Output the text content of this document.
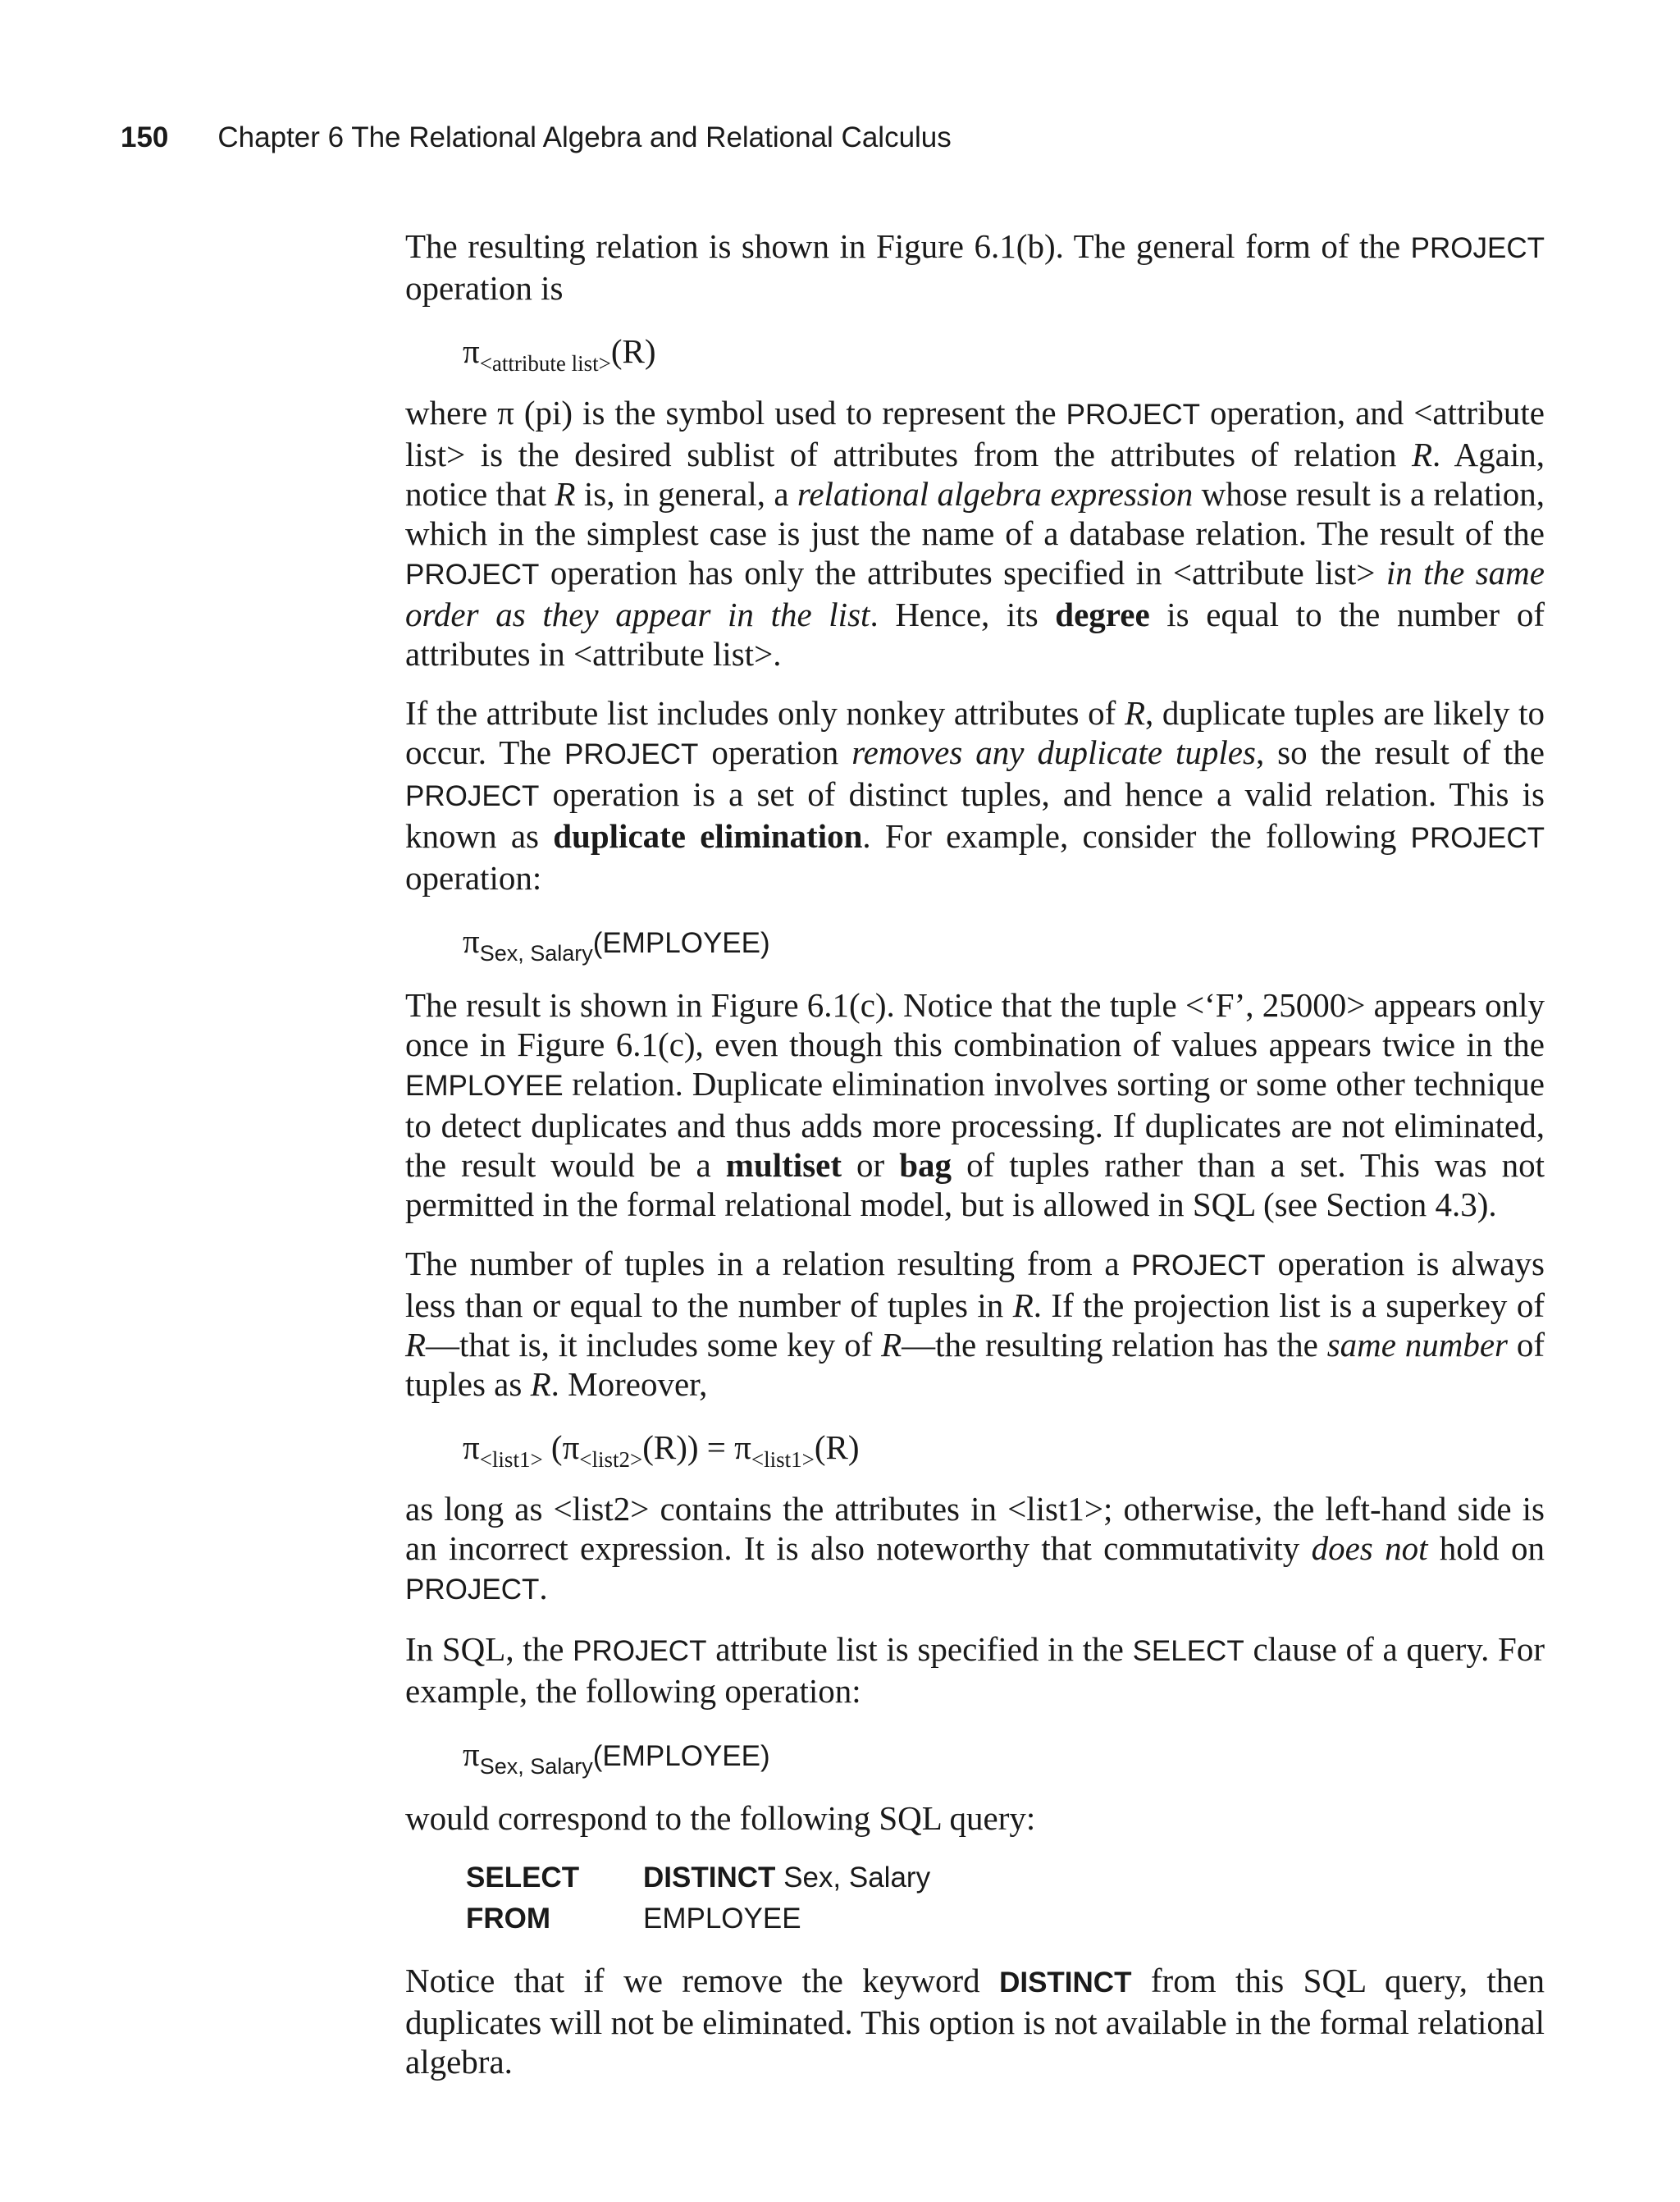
150 Chapter 6 The Relational Algebra and Relational Calculus

The resulting relation is shown in Figure 6.1(b). The general form of the PROJECT operation is

$\pi_{<attribute list>}(R)$

where π (pi) is the symbol used to represent the PROJECT operation, and <attribute list> is the desired sublist of attributes from the attributes of relation R. Again, notice that R is, in general, a relational algebra expression whose result is a relation, which in the simplest case is just the name of a database relation. The result of the PROJECT operation has only the attributes specified in <attribute list> in the same order as they appear in the list. Hence, its degree is equal to the number of attributes in <attribute list>.

If the attribute list includes only nonkey attributes of R, duplicate tuples are likely to occur. The PROJECT operation removes any duplicate tuples, so the result of the PROJECT operation is a set of distinct tuples, and hence a valid relation. This is known as duplicate elimination. For example, consider the following PROJECT operation:

$\pi_{Sex, Salary}(EMPLOYEE)$

The result is shown in Figure 6.1(c). Notice that the tuple <‘F’, 25000> appears only once in Figure 6.1(c), even though this combination of values appears twice in the EMPLOYEE relation. Duplicate elimination involves sorting or some other technique to detect duplicates and thus adds more processing. If duplicates are not eliminated, the result would be a multiset or bag of tuples rather than a set. This was not permitted in the formal relational model, but is allowed in SQL (see Section 4.3).

The number of tuples in a relation resulting from a PROJECT operation is always less than or equal to the number of tuples in R. If the projection list is a superkey of R—that is, it includes some key of R—the resulting relation has the same number of tuples as R. Moreover,

$\pi_{<list1>}$ $(\pi_{<list2>}(R)) = \pi_{<list1>}(R)$

as long as <list2> contains the attributes in <list1>; otherwise, the left-hand side is an incorrect expression. It is also noteworthy that commutativity does not hold on PROJECT.

In SQL, the PROJECT attribute list is specified in the SELECT clause of a query. For example, the following operation:

$\pi_{Sex, Salary}(EMPLOYEE)$

would correspond to the following SQL query:

SELECT	DISTINCT Sex, Salary
FROM	EMPLOYEE

Notice that if we remove the keyword DISTINCT from this SQL query, then duplicates will not be eliminated. This option is not available in the formal relational algebra.
